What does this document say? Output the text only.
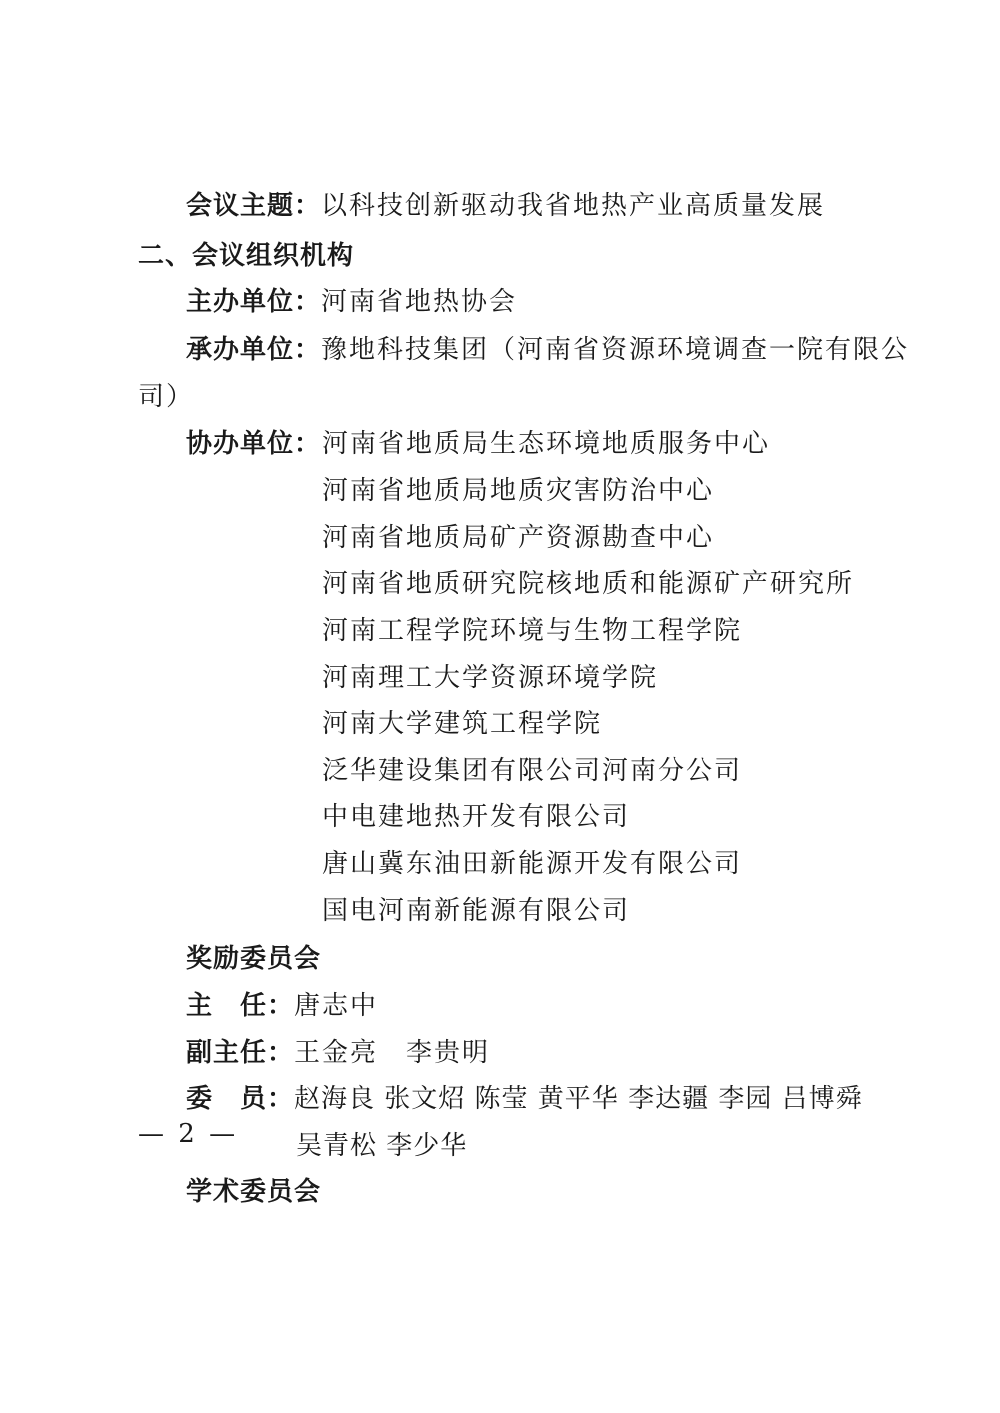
会议主题：以科技创新驱动我省地热产业高质量发展
二、会议组织机构
主办单位：河南省地热协会
承办单位：豫地科技集团（河南省资源环境调查一院有限公
司）
协办单位： 河南省地质局生态环境地质服务中心
河南省地质局地质灾害防治中心
河南省地质局矿产资源勘查中心
河南省地质研究院核地质和能源矿产研究所
河南工程学院环境与生物工程学院
河南理工大学资源环境学院
河南大学建筑工程学院
泛华建设集团有限公司河南分公司
中电建地热开发有限公司
唐山冀东油田新能源开发有限公司
国电河南新能源有限公司
奖励委员会
主　任：唐志中
副主任：王金亮　李贵明
委　员：赵海良 张文炤 陈莹 黄平华 李达疆 李园 吕博舜
吴青松 李少华
学术委员会
— 2 —
